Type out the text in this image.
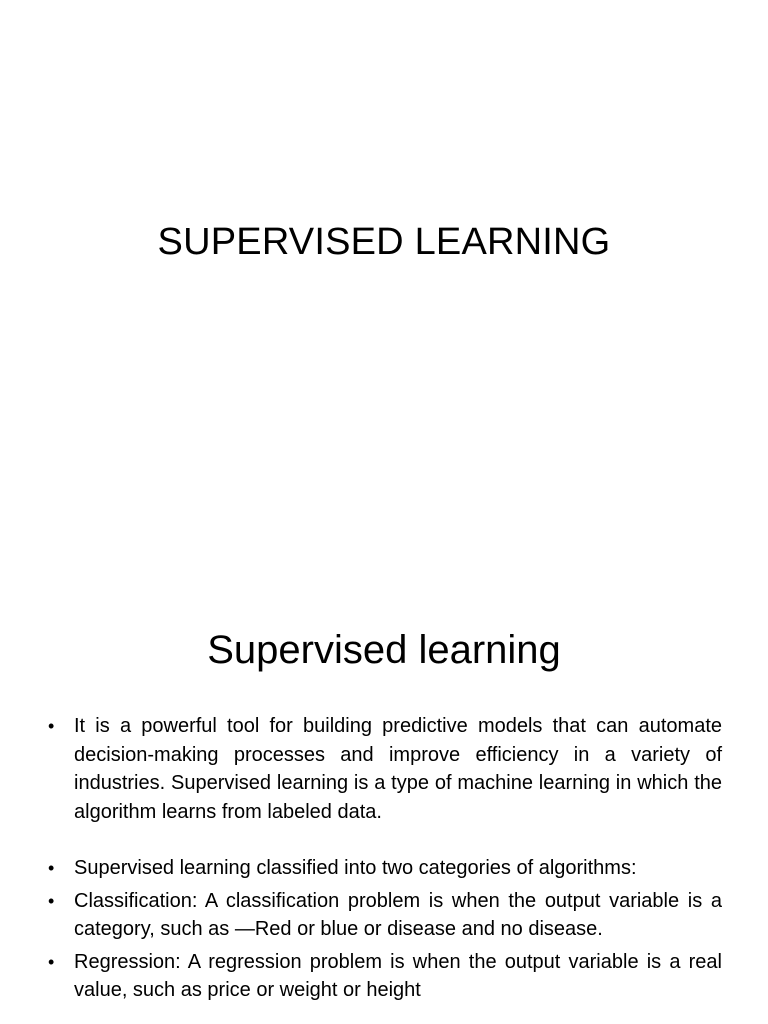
SUPERVISED LEARNING
Supervised learning
• It is a powerful tool for building predictive models that can automate decision-making processes and improve efficiency in a variety of industries. Supervised learning is a type of machine learning in which the algorithm learns from labeled data.
• Supervised learning classified into two categories of algorithms:
• Classification: A classification problem is when the output variable is a category, such as —Red or blue or disease and no disease.
• Regression: A regression problem is when the output variable is a real value, such as price or weight or height
